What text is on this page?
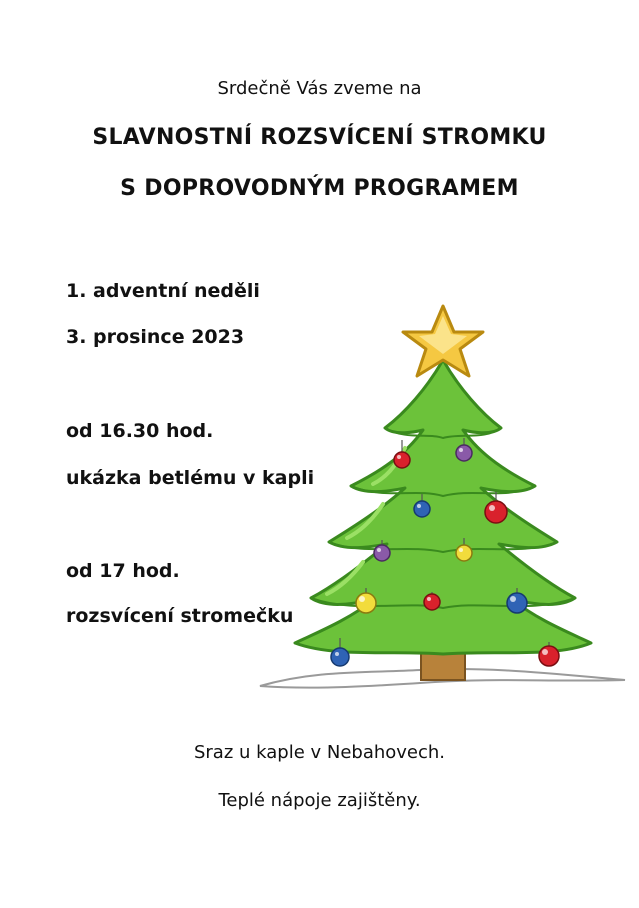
Srdečně Vás zveme na
SLAVNOSTNÍ ROZSVÍCENÍ STROMKU
S DOPROVODNÝM PROGRAMEM
1. adventní neděli
3. prosince 2023
od 16.30 hod.
ukázka betlému v kapli
od 17 hod.
rozsvícení stromečku
Sraz u kaple v Nebahovech.
Teplé nápoje zajištěny.
